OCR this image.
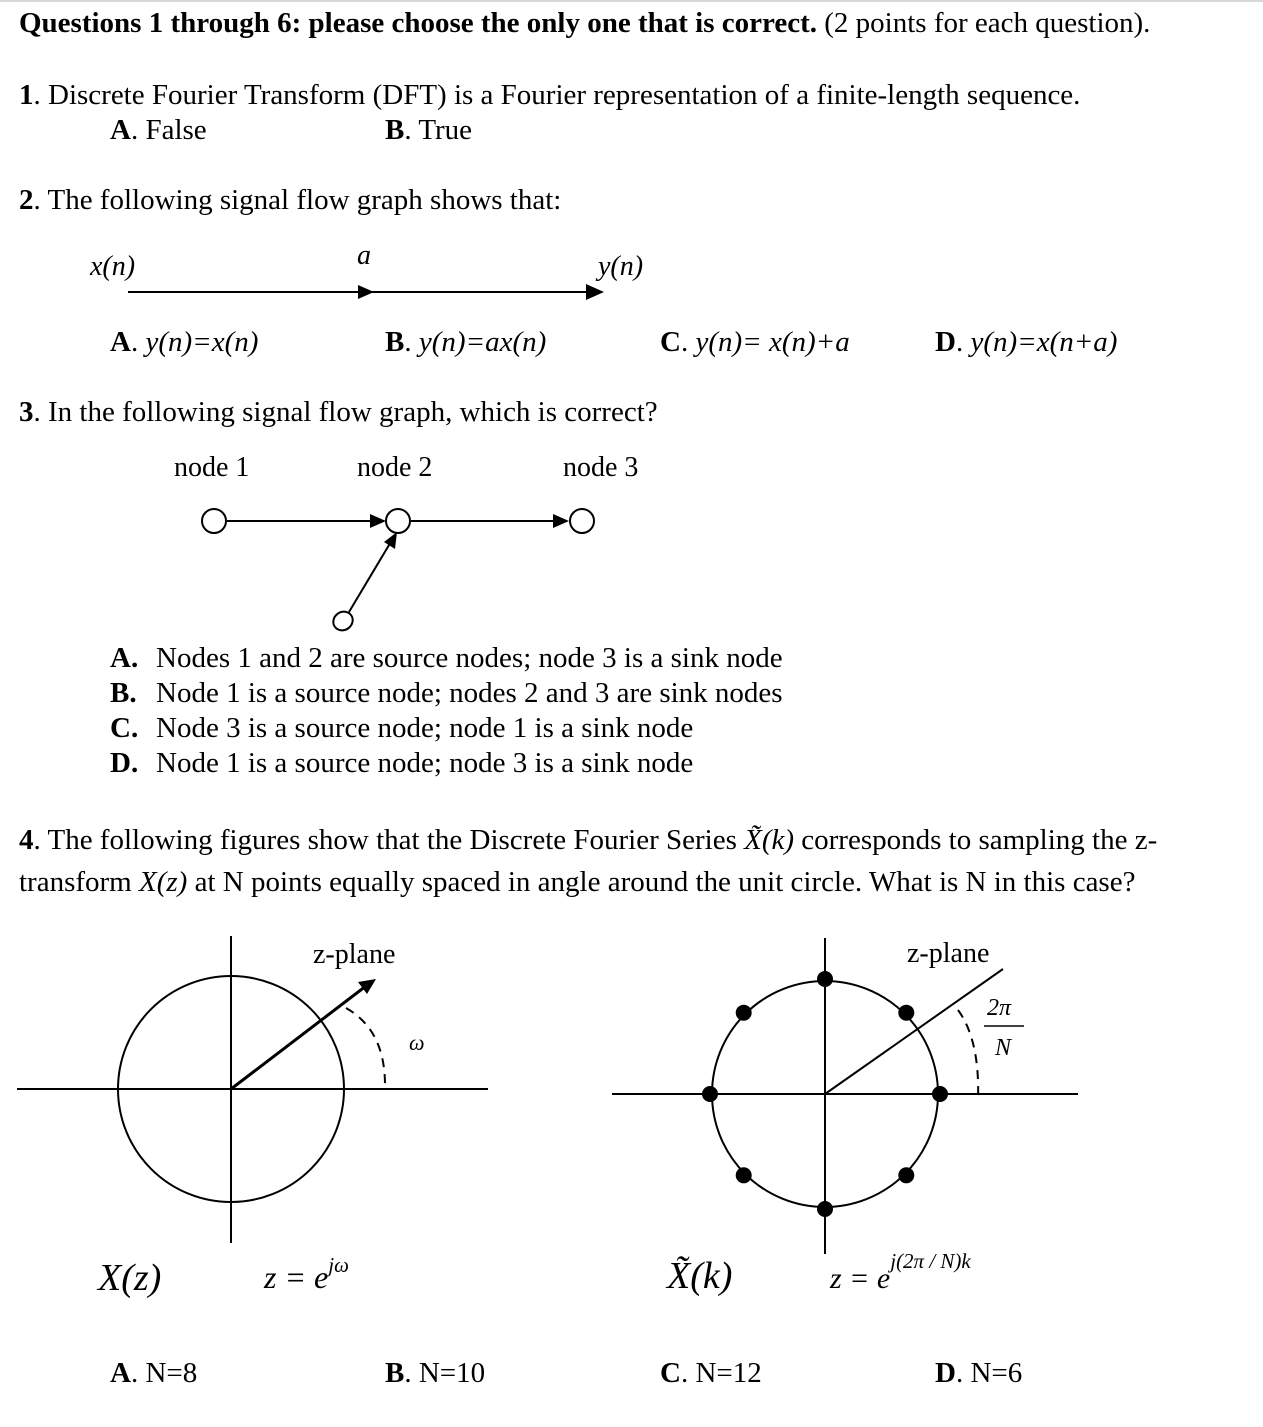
Questions 1 through 6: please choose the only one that is correct. (2 points for each question).
1. Discrete Fourier Transform (DFT) is a Fourier representation of a finite-length sequence.
A. False	B. True
2. The following signal flow graph shows that:
x(n)	a	y(n)
A. y(n)=x(n)	B. y(n)=ax(n)	C. y(n)= x(n)+a	D. y(n)=x(n+a)
3. In the following signal flow graph, which is correct?
node 1	node 2	node 3
A. Nodes 1 and 2 are source nodes; node 3 is a sink node
B. Node 1 is a source node; nodes 2 and 3 are sink nodes
C. Node 3 is a source node; node 1 is a sink node
D. Node 1 is a source node; node 3 is a sink node
4. The following figures show that the Discrete Fourier Series X̃(k) corresponds to sampling the z-
transform X(z) at N points equally spaced in angle around the unit circle. What is N in this case?
z-plane
ω
X(z)	$z = e^{j\omega}$
z-plane
2π
N
X̃(k)	$z = e^{j(2\pi / N)k}$
A. N=8	B. N=10	C. N=12	D. N=6
